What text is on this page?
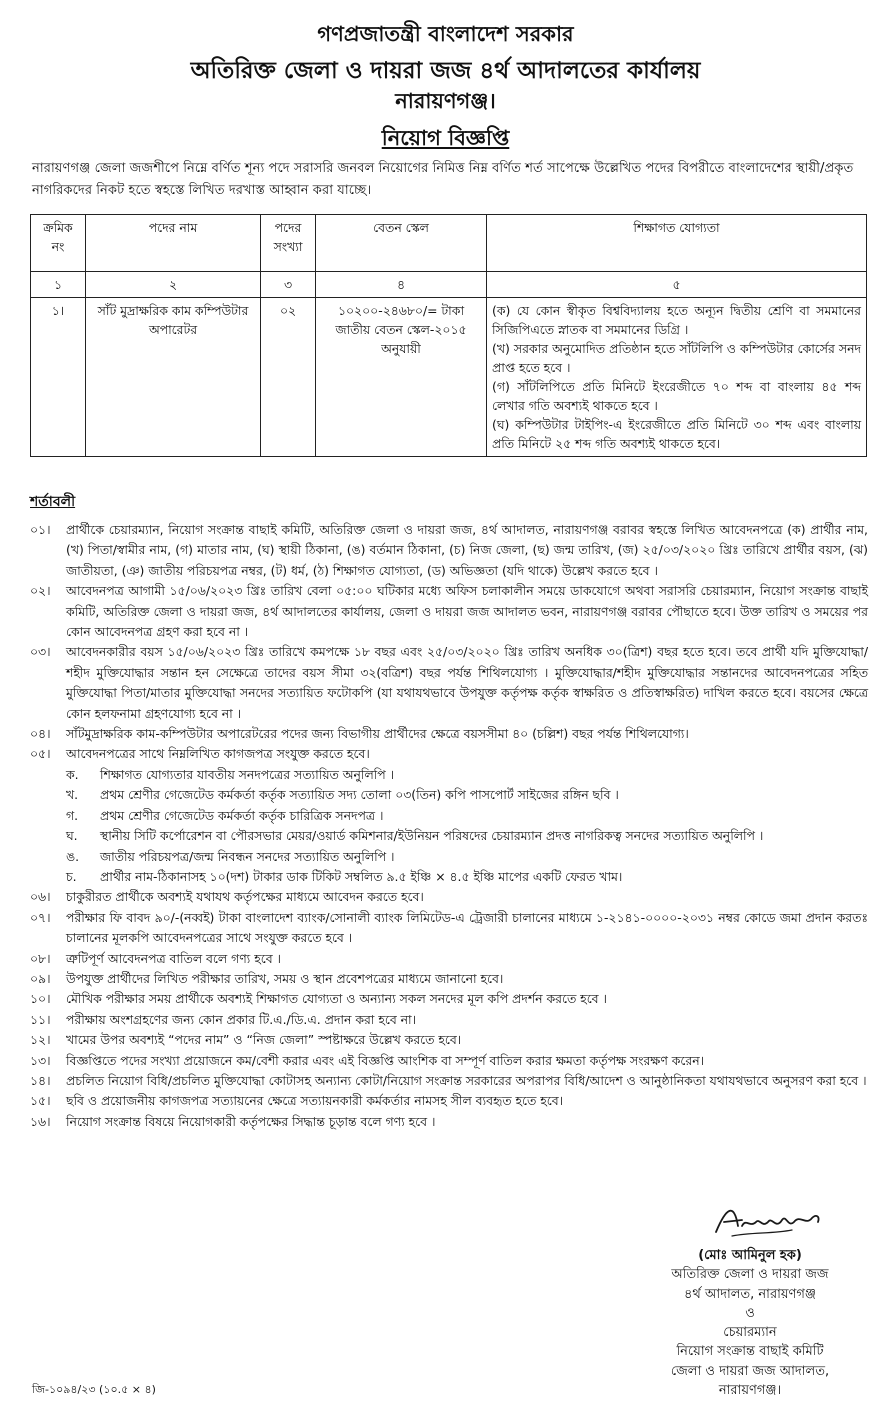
গণপ্রজাতন্ত্রী বাংলাদেশ সরকার
অতিরিক্ত জেলা ও দায়রা জজ ৪র্থ আদালতের কার্যালয়
নারায়ণগঞ্জ।
নিয়োগ বিজ্ঞপ্তি
নারায়ণগঞ্জ জেলা জজশীপে নিম্নে বর্ণিত শূন্য পদে সরাসরি জনবল নিয়োগের নিমিত্ত নিম্ন বর্ণিত শর্ত সাপেক্ষে উল্লেখিত পদের বিপরীতে বাংলাদেশের স্থায়ী/প্রকৃত নাগরিকদের নিকট হতে স্বহস্তে লিখিত দরখাস্ত আহ্বান করা যাচ্ছে।
ক্রমিক নং	পদের নাম	পদের সংখ্যা	বেতন স্কেল	শিক্ষাগত যোগ্যতা
১	২	৩	৪	৫
১।	সাঁট মুদ্রাক্ষরিক কাম কম্পিউটার অপারেটর	০২	১০২০০-২৪৬৮০/= টাকা জাতীয় বেতন স্কেল-২০১৫ অনুযায়ী	(ক) যে কোন স্বীকৃত বিশ্ববিদ্যালয় হতে অন্যূন দ্বিতীয় শ্রেণি বা সমমানের সিজিপিএতে স্নাতক বা সমমানের ডিগ্রি ।
(খ) সরকার অনুমোদিত প্রতিষ্ঠান হতে সাঁটলিপি ও কম্পিউটার কোর্সের সনদ প্রাপ্ত হতে হবে ।
(গ) সাঁটলিপিতে প্রতি মিনিটে ইংরেজীতে ৭০ শব্দ বা বাংলায় ৪৫ শব্দ লেখার গতি অবশ্যই থাকতে হবে ।
(ঘ) কম্পিউটার টাইপিং-এ ইংরেজীতে প্রতি মিনিটে ৩০ শব্দ এবং বাংলায় প্রতি মিনিটে ২৫ শব্দ গতি অবশ্যই থাকতে হবে।
শর্তাবলী
০১।	প্রার্থীকে চেয়ারম্যান, নিয়োগ সংক্রান্ত বাছাই কমিটি, অতিরিক্ত জেলা ও দায়রা জজ, ৪র্থ আদালত, নারায়ণগঞ্জ বরাবর স্বহস্তে লিখিত আবেদনপত্রে (ক) প্রার্থীর নাম, (খ) পিতা/স্বামীর নাম, (গ) মাতার নাম, (ঘ) স্থায়ী ঠিকানা, (ঙ) বর্তমান ঠিকানা, (চ) নিজ জেলা, (ছ) জন্ম তারিখ, (জ) ২৫/০৩/২০২০ খ্রিঃ তারিখে প্রার্থীর বয়স, (ঝ) জাতীয়তা, (ঞ) জাতীয় পরিচয়পত্র নম্বর, (ট) ধর্ম, (ঠ) শিক্ষাগত যোগ্যতা, (ড) অভিজ্ঞতা (যদি থাকে) উল্লেখ করতে হবে ।
০২।	আবেদনপত্র আগামী ১৫/০৬/২০২৩ খ্রিঃ তারিখ বেলা ০৫:০০ ঘটিকার মধ্যে অফিস চলাকালীন সময়ে ডাকযোগে অথবা সরাসরি চেয়ারম্যান, নিয়োগ সংক্রান্ত বাছাই কমিটি, অতিরিক্ত জেলা ও দায়রা জজ, ৪র্থ আদালতের কার্যালয়, জেলা ও দায়রা জজ আদালত ভবন, নারায়ণগঞ্জ বরাবর পৌছাতে হবে। উক্ত তারিখ ও সময়ের পর কোন আবেদনপত্র গ্রহণ করা হবে না ।
০৩।	আবেদনকারীর বয়স ১৫/০৬/২০২৩ খ্রিঃ তারিখে কমপক্ষে ১৮ বছর এবং ২৫/০৩/২০২০ খ্রিঃ তারিখ অনধিক ৩০(ত্রিশ) বছর হতে হবে। তবে প্রার্থী যদি মুক্তিযোদ্ধা/শহীদ মুক্তিযোদ্ধার সন্তান হন সেক্ষেত্রে তাদের বয়স সীমা ৩২(বত্রিশ) বছর পর্যন্ত শিথিলযোগ্য । মুক্তিযোদ্ধার/শহীদ মুক্তিযোদ্ধার সন্তানদের আবেদনপত্রের সহিত মুক্তিযোদ্ধা পিতা/মাতার মুক্তিযোদ্ধা সনদের সত্যায়িত ফটোকপি (যা যথাযথভাবে উপযুক্ত কর্তৃপক্ষ কর্তৃক স্বাক্ষরিত ও প্রতিস্বাক্ষরিত) দাখিল করতে হবে। বয়সের ক্ষেত্রে কোন হলফনামা গ্রহণযোগ্য হবে না ।
০৪।	সাঁটমুদ্রাক্ষরিক কাম-কম্পিউটার অপারেটরের পদের জন্য বিভাগীয় প্রার্থীদের ক্ষেত্রে বয়সসীমা ৪০ (চল্লিশ) বছর পর্যন্ত শিথিলযোগ্য।
০৫।	আবেদনপত্রের সাথে নিম্নলিখিত কাগজপত্র সংযুক্ত করতে হবে।
ক.	শিক্ষাগত যোগ্যতার যাবতীয় সনদপত্রের সত্যায়িত অনুলিপি ।
খ.	প্রথম শ্রেণীর গেজেটেড কর্মকর্তা কর্তৃক সত্যায়িত সদ্য তোলা ০৩(তিন) কপি পাসপোর্ট সাইজের রঙ্গিন ছবি ।
গ.	প্রথম শ্রেণীর গেজেটেড কর্মকর্তা কর্তৃক চারিত্রিক সনদপত্র ।
ঘ.	স্থানীয় সিটি কর্পোরেশন বা পৌরসভার মেয়র/ওয়ার্ড কমিশনার/ইউনিয়ন পরিষদের চেয়ারম্যান প্রদত্ত নাগরিকত্ব সনদের সত্যায়িত অনুলিপি ।
ঙ.	জাতীয় পরিচয়পত্র/জন্ম নিবন্ধন সনদের সত্যায়িত অনুলিপি ।
চ.	প্রার্থীর নাম-ঠিকানাসহ ১০(দশ) টাকার ডাক টিকিট সম্বলিত ৯.৫ ইঞ্চি × ৪.৫ ইঞ্চি মাপের একটি ফেরত খাম।
০৬।	চাকুরীরত প্রার্থীকে অবশ্যই যথাযথ কর্তৃপক্ষের মাধ্যমে আবেদন করতে হবে।
০৭।	পরীক্ষার ফি বাবদ ৯০/-(নব্বই) টাকা বাংলাদেশ ব্যাংক/সোনালী ব্যাংক লিমিটেড-এ ট্রেজারী চালানের মাধ্যমে ১-২১৪১-০০০০-২০৩১ নম্বর কোডে জমা প্রদান করতঃ চালানের মূলকপি আবেদনপত্রের সাথে সংযুক্ত করতে হবে ।
০৮।	ত্রুটিপূর্ণ আবেদনপত্র বাতিল বলে গণ্য হবে ।
০৯।	উপযুক্ত প্রার্থীদের লিখিত পরীক্ষার তারিখ, সময় ও স্থান প্রবেশপত্রের মাধ্যমে জানানো হবে।
১০।	মৌখিক পরীক্ষার সময় প্রার্থীকে অবশ্যই শিক্ষাগত যোগ্যতা ও অন্যান্য সকল সনদের মূল কপি প্রদর্শন করতে হবে ।
১১।	পরীক্ষায় অংশগ্রহণের জন্য কোন প্রকার টি.এ./ডি.এ. প্রদান করা হবে না।
১২।	খামের উপর অবশ্যই “পদের নাম” ও “নিজ জেলা” স্পষ্টাক্ষরে উল্লেখ করতে হবে।
১৩।	বিজ্ঞপ্তিতে পদের সংখ্যা প্রয়োজনে কম/বেশী করার এবং এই বিজ্ঞপ্তি আংশিক বা সম্পূর্ণ বাতিল করার ক্ষমতা কর্তৃপক্ষ সংরক্ষণ করেন।
১৪।	প্রচলিত নিয়োগ বিধি/প্রচলিত মুক্তিযোদ্ধা কোটাসহ অন্যান্য কোটা/নিয়োগ সংক্রান্ত সরকারের অপরাপর বিধি/আদেশ ও আনুষ্ঠানিকতা যথাযথভাবে অনুসরণ করা হবে ।
১৫।	ছবি ও প্রয়োজনীয় কাগজপত্র সত্যায়নের ক্ষেত্রে সত্যায়নকারী কর্মকর্তার নামসহ সীল ব্যবহৃত হতে হবে।
১৬।	নিয়োগ সংক্রান্ত বিষয়ে নিয়োগকারী কর্তৃপক্ষের সিদ্ধান্ত চূড়ান্ত বলে গণ্য হবে ।
(মোঃ আমিনুল হক)
অতিরিক্ত জেলা ও দায়রা জজ
৪র্থ আদালত, নারায়ণগঞ্জ
ও
চেয়ারম্যান
নিয়োগ সংক্রান্ত বাছাই কমিটি
জেলা ও দায়রা জজ আদালত,
নারায়ণগঞ্জ।
জি-১০৯৪/২৩ (১০.৫ × ৪)
